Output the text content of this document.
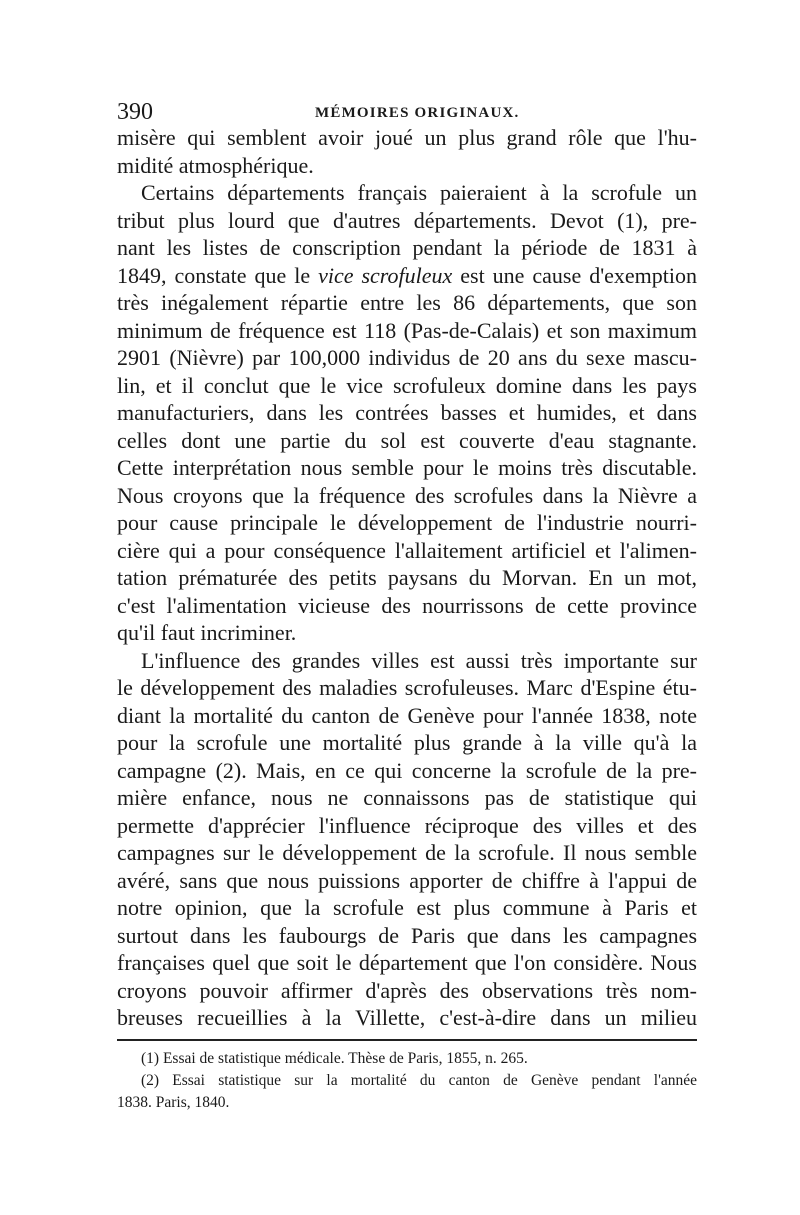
390	MÉMOIRES ORIGINAUX.
misère qui semblent avoir joué un plus grand rôle que l'hu-
midité atmosphérique.
Certains départements français paieraient à la scrofule un
tribut plus lourd que d'autres départements. Devot (1), pre-
nant les listes de conscription pendant la période de 1831 à
1849, constate que le vice scrofuleux est une cause d'exemption
très inégalement répartie entre les 86 départements, que son
minimum de fréquence est 118 (Pas-de-Calais) et son maximum
2901 (Nièvre) par 100,000 individus de 20 ans du sexe mascu-
lin, et il conclut que le vice scrofuleux domine dans les pays
manufacturiers, dans les contrées basses et humides, et dans
celles dont une partie du sol est couverte d'eau stagnante.
Cette interprétation nous semble pour le moins très discutable.
Nous croyons que la fréquence des scrofules dans la Nièvre a
pour cause principale le développement de l'industrie nourri-
cière qui a pour conséquence l'allaitement artificiel et l'alimen-
tation prématurée des petits paysans du Morvan. En un mot,
c'est l'alimentation vicieuse des nourrissons de cette province
qu'il faut incriminer.
L'influence des grandes villes est aussi très importante sur
le développement des maladies scrofuleuses. Marc d'Espine étu-
diant la mortalité du canton de Genève pour l'année 1838, note
pour la scrofule une mortalité plus grande à la ville qu'à la
campagne (2). Mais, en ce qui concerne la scrofule de la pre-
mière enfance, nous ne connaissons pas de statistique qui
permette d'apprécier l'influence réciproque des villes et des
campagnes sur le développement de la scrofule. Il nous semble
avéré, sans que nous puissions apporter de chiffre à l'appui de
notre opinion, que la scrofule est plus commune à Paris et
surtout dans les faubourgs de Paris que dans les campagnes
françaises quel que soit le département que l'on considère. Nous
croyons pouvoir affirmer d'après des observations très nom-
breuses recueillies à la Villette, c'est-à-dire dans un milieu
(1) Essai de statistique médicale. Thèse de Paris, 1855, n. 265.
(2) Essai statistique sur la mortalité du canton de Genève pendant l'année
1838. Paris, 1840.
